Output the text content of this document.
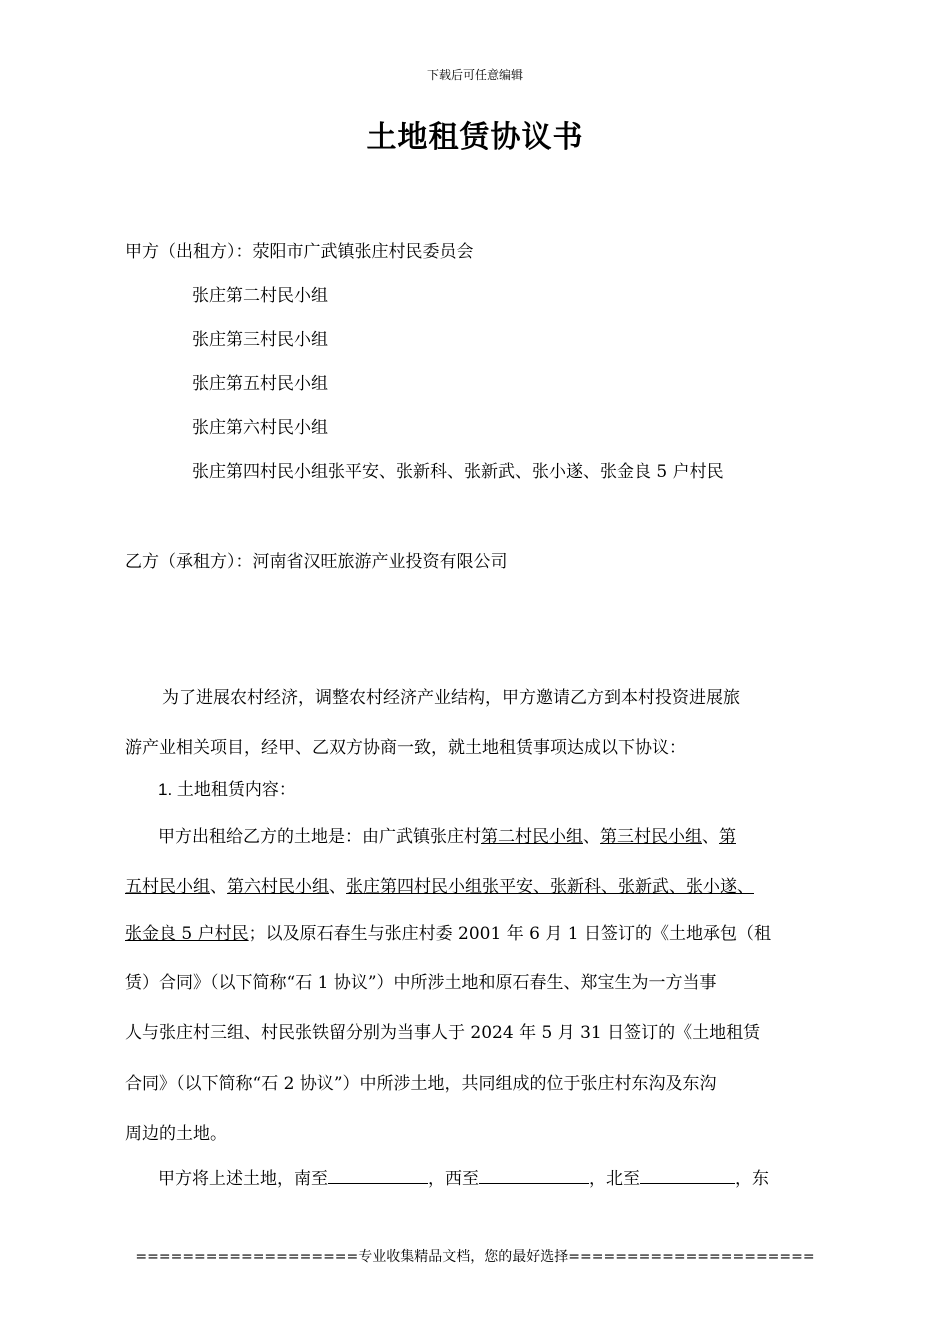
下载后可任意编辑
土地租赁协议书
甲方（出租方）：荥阳市广武镇张庄村民委员会
张庄第二村民小组
张庄第三村民小组
张庄第五村民小组
张庄第六村民小组
张庄第四村民小组张平安、张新科、张新武、张小遂、张金良 5 户村民
乙方（承租方）：河南省汉旺旅游产业投资有限公司
为了进展农村经济，调整农村经济产业结构，甲方邀请乙方到本村投资进展旅
游产业相关项目，经甲、乙双方协商一致，就土地租赁事项达成以下协议：
1. 土地租赁内容：
甲方出租给乙方的土地是：由广武镇张庄村第二村民小组、第三村民小组、第
五村民小组、第六村民小组、张庄第四村民小组张平安、张新科、张新武、张小遂、
张金良 5 户村民；以及原石春生与张庄村委 2001 年 6 月 1 日签订的《土地承包（租
赁）合同》（以下简称“石 1 协议”）中所涉土地和原石春生、郑宝生为一方当事
人与张庄村三组、村民张铁留分别为当事人于 2024 年 5 月 31 日签订的《土地租赁
合同》（以下简称“石 2 协议”）中所涉土地，共同组成的位于张庄村东沟及东沟
周边的土地。
甲方将上述土地，南至	，西至	，北至	，东
===================专业收集精品文档，您的最好选择=====================
